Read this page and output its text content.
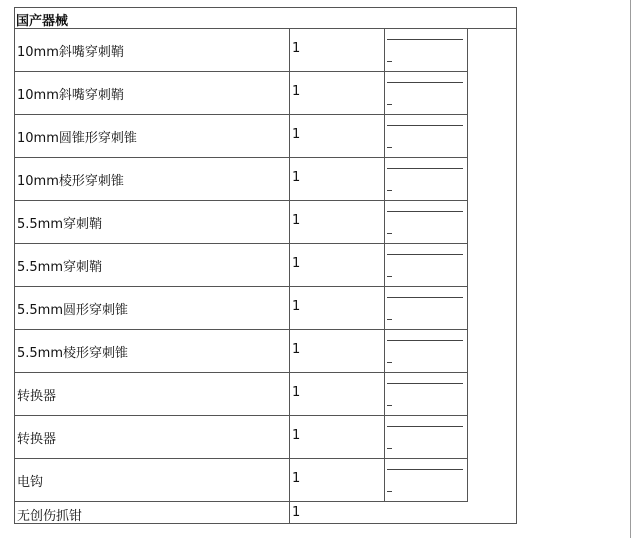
国产器械
10mm斜嘴穿刺鞘	1
10mm斜嘴穿刺鞘	1
10mm圆锥形穿刺锥	1
10mm棱形穿刺锥	1
5.5mm穿刺鞘	1
5.5mm穿刺鞘	1
5.5mm圆形穿刺锥	1
5.5mm棱形穿刺锥	1
转换器	1
转换器	1
电钩	1
无创伤抓钳	1
